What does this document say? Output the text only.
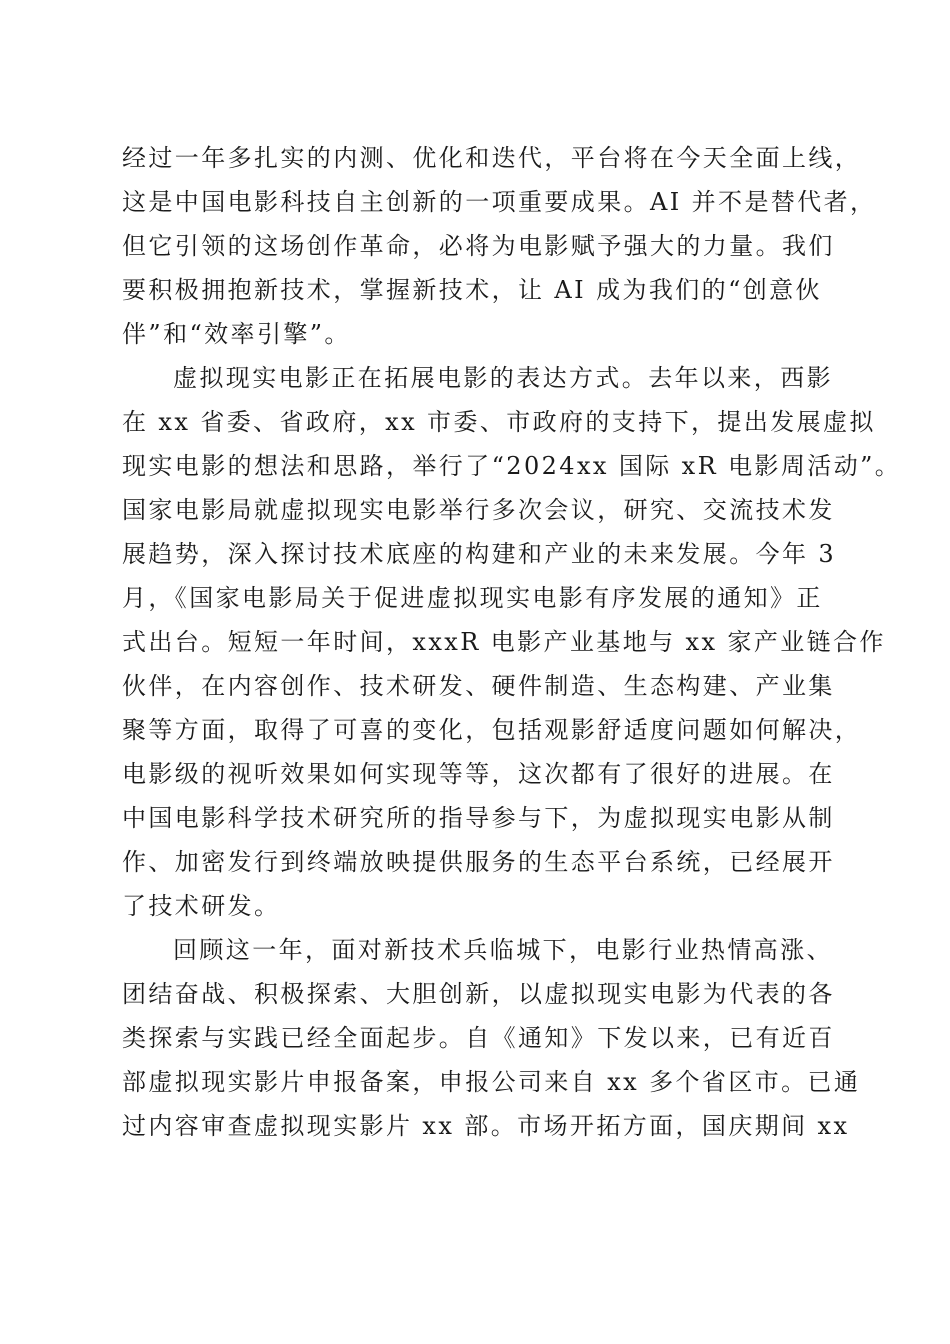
经过一年多扎实的内测、优化和迭代，平台将在今天全面上线，
这是中国电影科技自主创新的一项重要成果。AI 并不是替代者，
但它引领的这场创作革命，必将为电影赋予强大的力量。我们
要积极拥抱新技术，掌握新技术，让 AI 成为我们的“创意伙
伴”和“效率引擎”。
虚拟现实电影正在拓展电影的表达方式。去年以来，西影
在 xx 省委、省政府，xx 市委、市政府的支持下，提出发展虚拟
现实电影的想法和思路，举行了“2024xx 国际 xR 电影周活动”。
国家电影局就虚拟现实电影举行多次会议，研究、交流技术发
展趋势，深入探讨技术底座的构建和产业的未来发展。今年 3
月，《国家电影局关于促进虚拟现实电影有序发展的通知》正
式出台。短短一年时间，xxxR 电影产业基地与 xx 家产业链合作
伙伴，在内容创作、技术研发、硬件制造、生态构建、产业集
聚等方面，取得了可喜的变化，包括观影舒适度问题如何解决，
电影级的视听效果如何实现等等，这次都有了很好的进展。在
中国电影科学技术研究所的指导参与下，为虚拟现实电影从制
作、加密发行到终端放映提供服务的生态平台系统，已经展开
了技术研发。
回顾这一年，面对新技术兵临城下，电影行业热情高涨、
团结奋战、积极探索、大胆创新，以虚拟现实电影为代表的各
类探索与实践已经全面起步。自《通知》下发以来，已有近百
部虚拟现实影片申报备案，申报公司来自 xx 多个省区市。已通
过内容审查虚拟现实影片 xx 部。市场开拓方面，国庆期间 xx
